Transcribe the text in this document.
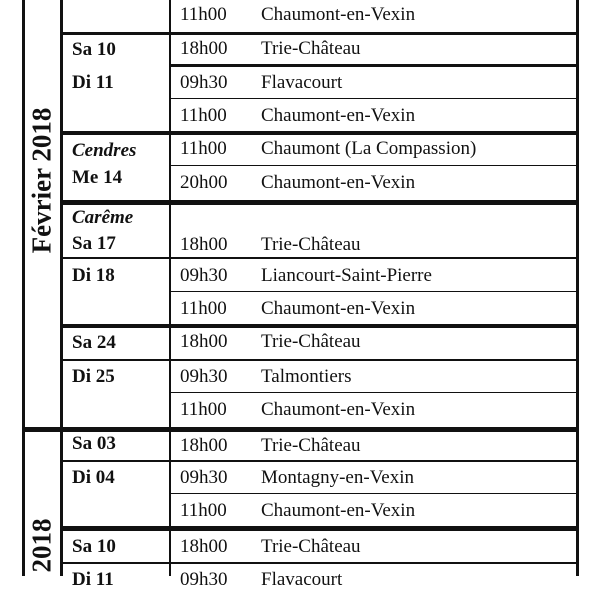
11h00 Chaumont-en-Vexin
18h00 Trie-Château
Sa 10
09h30 Flavacourt
Di 11
11h00 Chaumont-en-Vexin
11h00 Chaumont (La Compassion)
Cendres
20h00 Chaumont-en-Vexin
Me 14
Carême
18h00 Trie-Château
Sa 17
09h30 Liancourt-Saint-Pierre
Di 18
11h00 Chaumont-en-Vexin
18h00 Trie-Château
Sa 24
09h30 Talmontiers
Di 25
11h00 Chaumont-en-Vexin
18h00 Trie-Château
Sa 03
09h30 Montagny-en-Vexin
Di 04
11h00 Chaumont-en-Vexin
18h00 Trie-Château
Sa 10
09h30 Flavacourt
Di 11
Février 2018
2018
